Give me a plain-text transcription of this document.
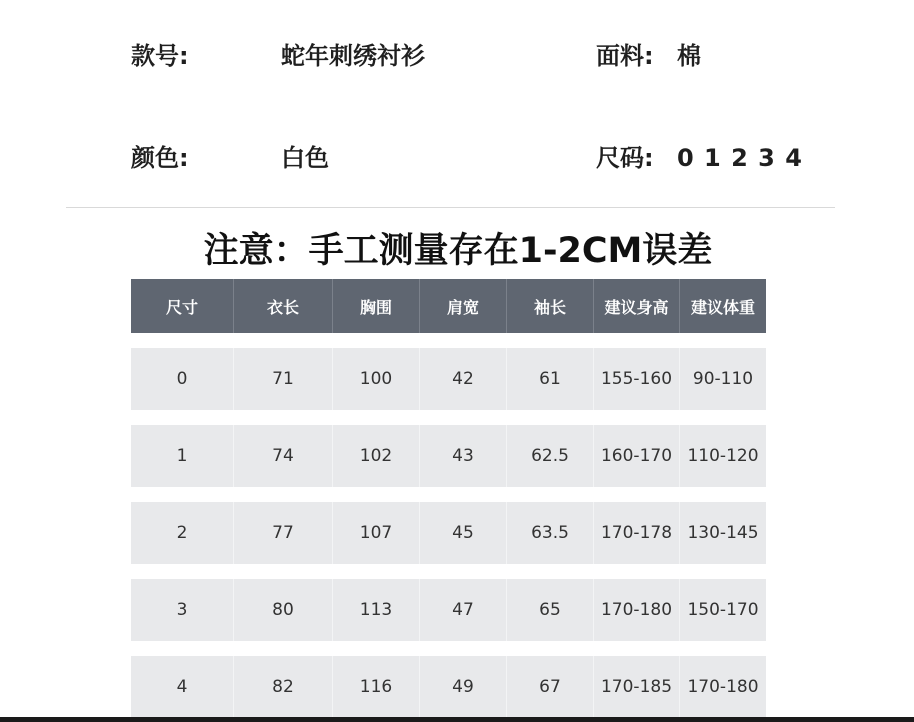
款号:	蛇年刺绣衬衫	面料: 棉
颜色:	白色	尺码: 0 1 2 3 4
注意：手工测量存在1-2CM误差
尺寸	衣长	胸围	肩宽	袖长	建议身高	建议体重
0	71	100	42	61	155-160	90-110
1	74	102	43	62.5	160-170 110-120
2	77	107	45	63.5	170-178 130-145
3	80	113	47	65	170-180 150-170
4	82	116	49	67	170-185 170-180
